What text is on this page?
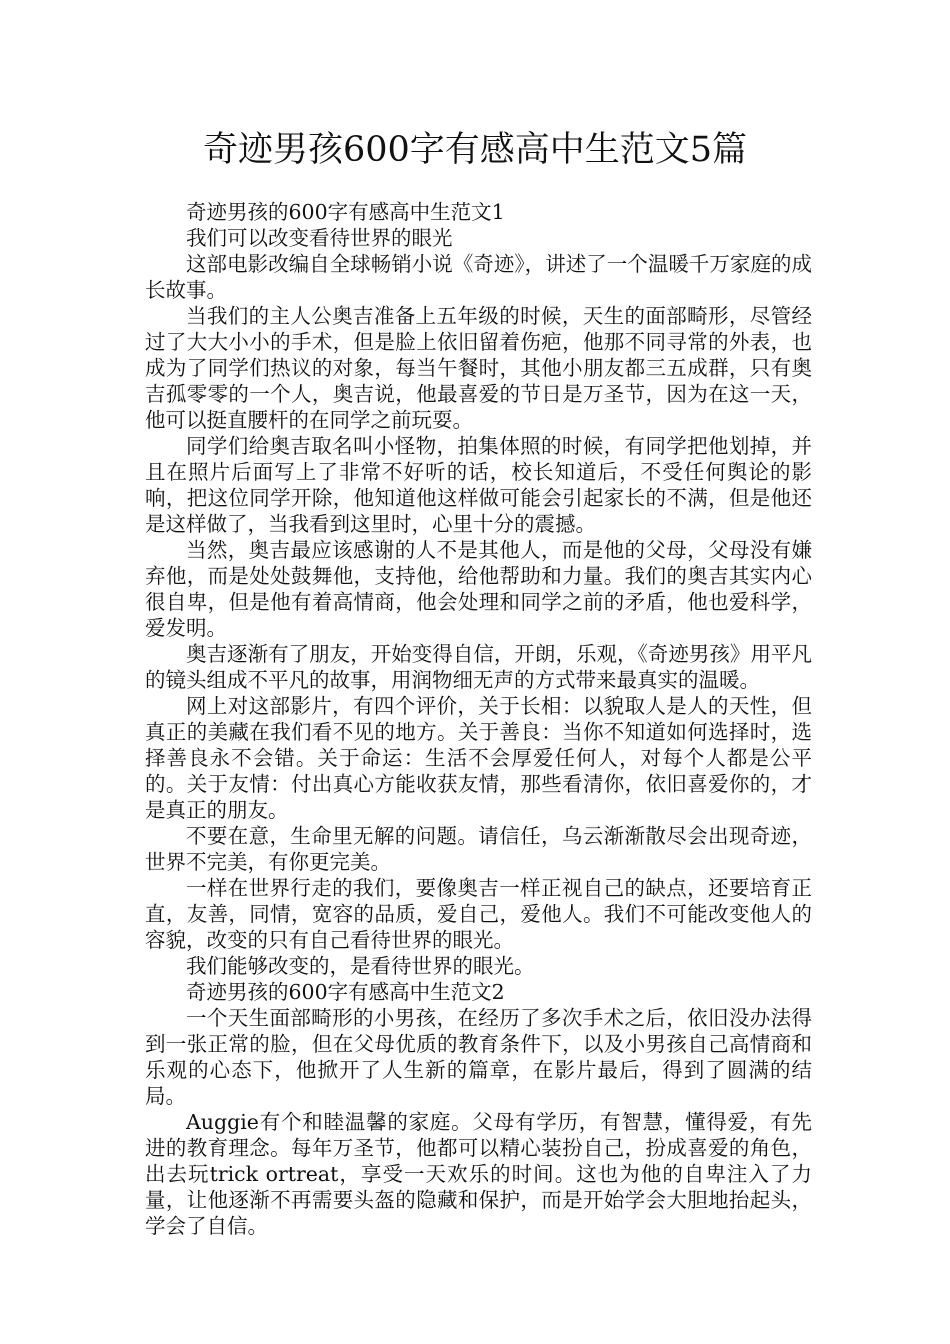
奇迹男孩600字有感高中生范文5篇

奇迹男孩的600字有感高中生范文1

我们可以改变看待世界的眼光

这部电影改编自全球畅销小说《奇迹》，讲述了一个温暖千万家庭的成长故事。

当我们的主人公奥吉准备上五年级的时候，天生的面部畸形，尽管经过了大大小小的手术，但是脸上依旧留着伤疤，他那不同寻常的外表，也成为了同学们热议的对象，每当午餐时，其他小朋友都三五成群，只有奥吉孤零零的一个人，奥吉说，他最喜爱的节日是万圣节，因为在这一天，他可以挺直腰杆的在同学之前玩耍。

同学们给奥吉取名叫小怪物，拍集体照的时候，有同学把他划掉，并且在照片后面写上了非常不好听的话，校长知道后，不受任何舆论的影响，把这位同学开除，他知道他这样做可能会引起家长的不满，但是他还是这样做了，当我看到这里时，心里十分的震撼。

当然，奥吉最应该感谢的人不是其他人，而是他的父母，父母没有嫌弃他，而是处处鼓舞他，支持他，给他帮助和力量。我们的奥吉其实内心很自卑，但是他有着高情商，他会处理和同学之前的矛盾，他也爱科学，爱发明。

奥吉逐渐有了朋友，开始变得自信，开朗，乐观，《奇迹男孩》用平凡的镜头组成不平凡的故事，用润物细无声的方式带来最真实的温暖。

网上对这部影片，有四个评价，关于长相：以貌取人是人的天性，但真正的美藏在我们看不见的地方。关于善良：当你不知道如何选择时，选择善良永不会错。关于命运：生活不会厚爱任何人，对每个人都是公平的。关于友情：付出真心方能收获友情，那些看清你，依旧喜爱你的，才是真正的朋友。

不要在意，生命里无解的问题。请信任，乌云渐渐散尽会出现奇迹，世界不完美，有你更完美。

一样在世界行走的我们，要像奥吉一样正视自己的缺点，还要培育正直，友善，同情，宽容的品质，爱自己，爱他人。我们不可能改变他人的容貌，改变的只有自己看待世界的眼光。

我们能够改变的，是看待世界的眼光。

奇迹男孩的600字有感高中生范文2

一个天生面部畸形的小男孩，在经历了多次手术之后，依旧没办法得到一张正常的脸，但在父母优质的教育条件下，以及小男孩自己高情商和乐观的心态下，他掀开了人生新的篇章，在影片最后，得到了圆满的结局。

Auggie有个和睦温馨的家庭。父母有学历，有智慧，懂得爱，有先进的教育理念。每年万圣节，他都可以精心装扮自己，扮成喜爱的角色，出去玩trick ortreat，享受一天欢乐的时间。这也为他的自卑注入了力量，让他逐渐不再需要头盔的隐藏和保护，而是开始学会大胆地抬起头，学会了自信。
